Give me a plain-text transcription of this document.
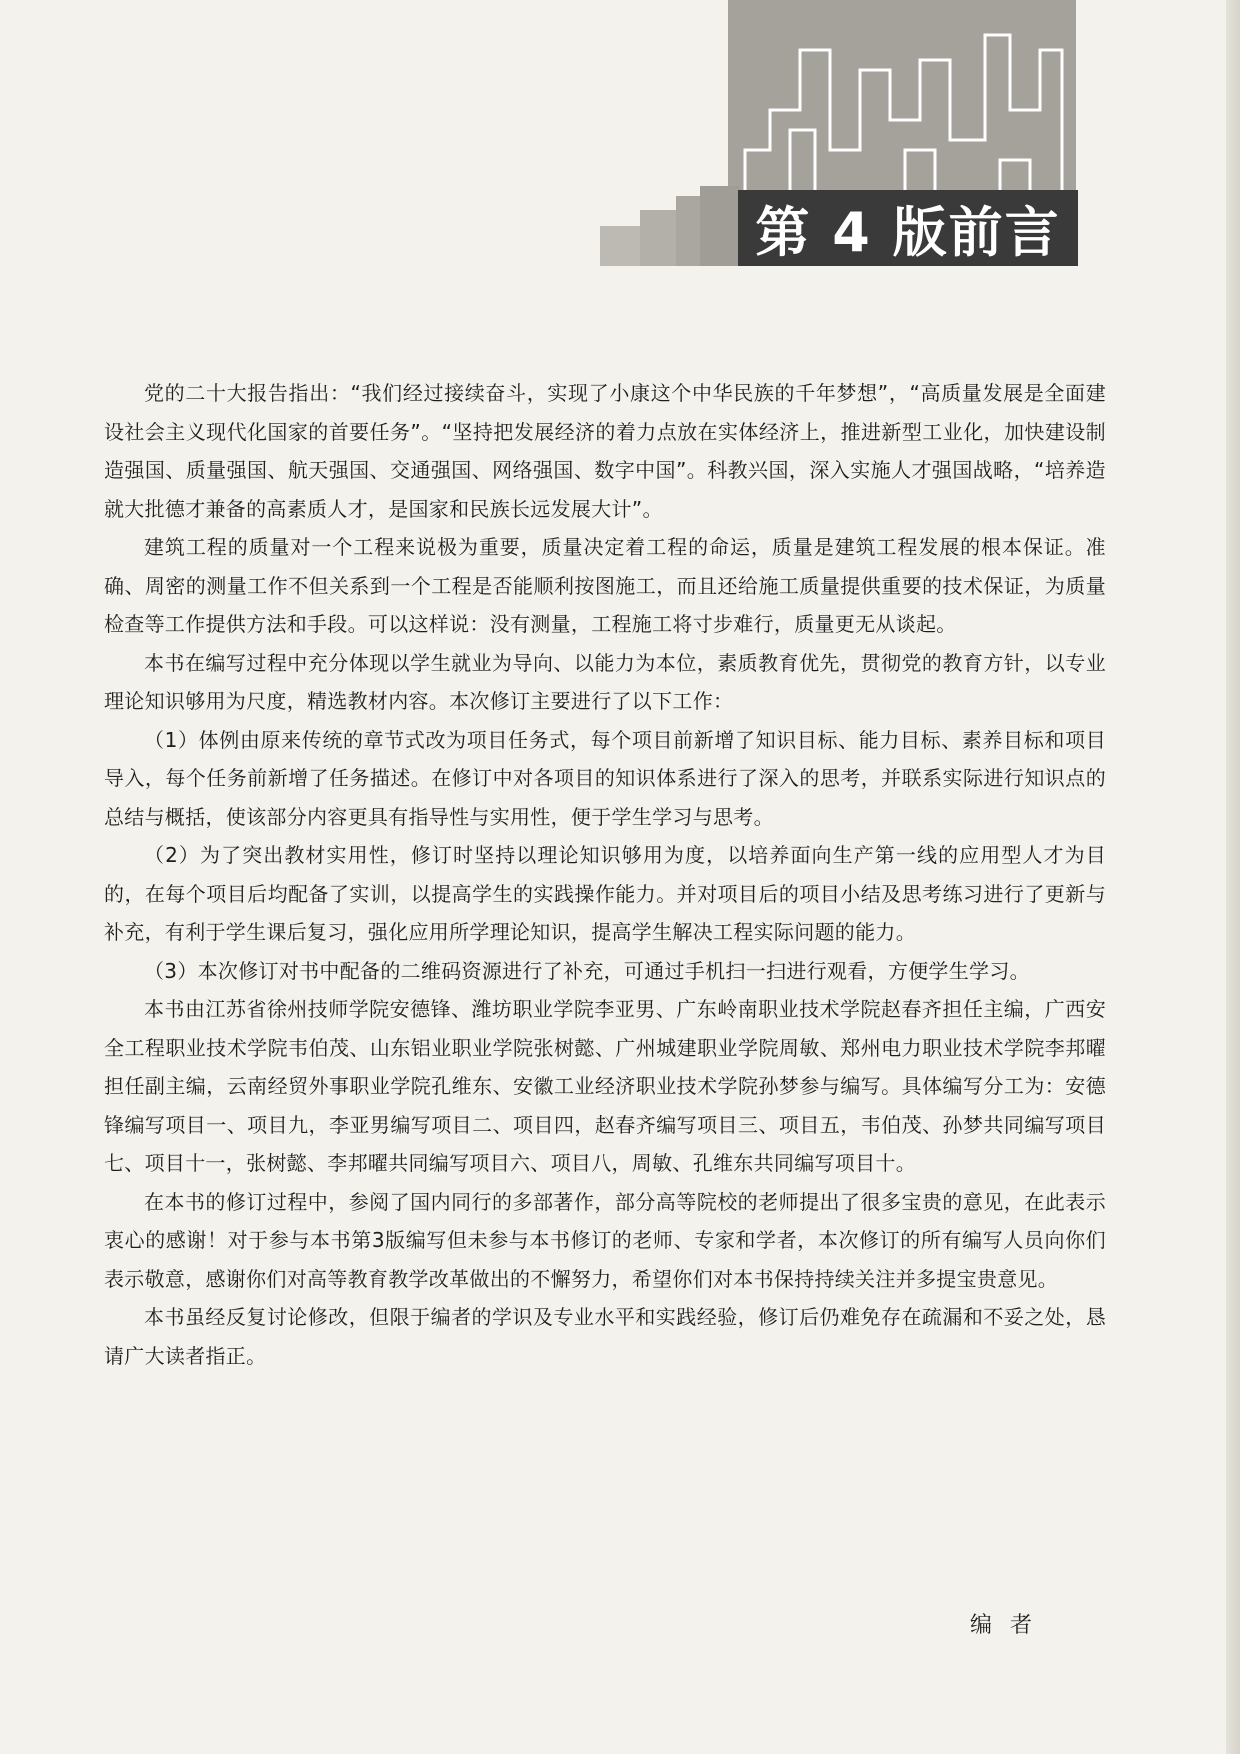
第 4 版前言

党的二十大报告指出：“我们经过接续奋斗，实现了小康这个中华民族的千年梦想”，“高质量发展是全面建设社会主义现代化国家的首要任务”。“坚持把发展经济的着力点放在实体经济上，推进新型工业化，加快建设制造强国、质量强国、航天强国、交通强国、网络强国、数字中国”。科教兴国，深入实施人才强国战略，“培养造就大批德才兼备的高素质人才，是国家和民族长远发展大计”。

建筑工程的质量对一个工程来说极为重要，质量决定着工程的命运，质量是建筑工程发展的根本保证。准确、周密的测量工作不但关系到一个工程是否能顺利按图施工，而且还给施工质量提供重要的技术保证，为质量检查等工作提供方法和手段。可以这样说：没有测量，工程施工将寸步难行，质量更无从谈起。

本书在编写过程中充分体现以学生就业为导向、以能力为本位，素质教育优先，贯彻党的教育方针，以专业理论知识够用为尺度，精选教材内容。本次修订主要进行了以下工作：

（1）体例由原来传统的章节式改为项目任务式，每个项目前新增了知识目标、能力目标、素养目标和项目导入，每个任务前新增了任务描述。在修订中对各项目的知识体系进行了深入的思考，并联系实际进行知识点的总结与概括，使该部分内容更具有指导性与实用性，便于学生学习与思考。

（2）为了突出教材实用性，修订时坚持以理论知识够用为度，以培养面向生产第一线的应用型人才为目的，在每个项目后均配备了实训，以提高学生的实践操作能力。并对项目后的项目小结及思考练习进行了更新与补充，有利于学生课后复习，强化应用所学理论知识，提高学生解决工程实际问题的能力。

（3）本次修订对书中配备的二维码资源进行了补充，可通过手机扫一扫进行观看，方便学生学习。

本书由江苏省徐州技师学院安德锋、潍坊职业学院李亚男、广东岭南职业技术学院赵春齐担任主编，广西安全工程职业技术学院韦伯茂、山东铝业职业学院张树懿、广州城建职业学院周敏、郑州电力职业技术学院李邦曜担任副主编，云南经贸外事职业学院孔维东、安徽工业经济职业技术学院孙梦参与编写。具体编写分工为：安德锋编写项目一、项目九，李亚男编写项目二、项目四，赵春齐编写项目三、项目五，韦伯茂、孙梦共同编写项目七、项目十一，张树懿、李邦曜共同编写项目六、项目八，周敏、孔维东共同编写项目十。

在本书的修订过程中，参阅了国内同行的多部著作，部分高等院校的老师提出了很多宝贵的意见，在此表示衷心的感谢！对于参与本书第3版编写但未参与本书修订的老师、专家和学者，本次修订的所有编写人员向你们表示敬意，感谢你们对高等教育教学改革做出的不懈努力，希望你们对本书保持持续关注并多提宝贵意见。

本书虽经反复讨论修改，但限于编者的学识及专业水平和实践经验，修订后仍难免存在疏漏和不妥之处，恳请广大读者指正。

编者
